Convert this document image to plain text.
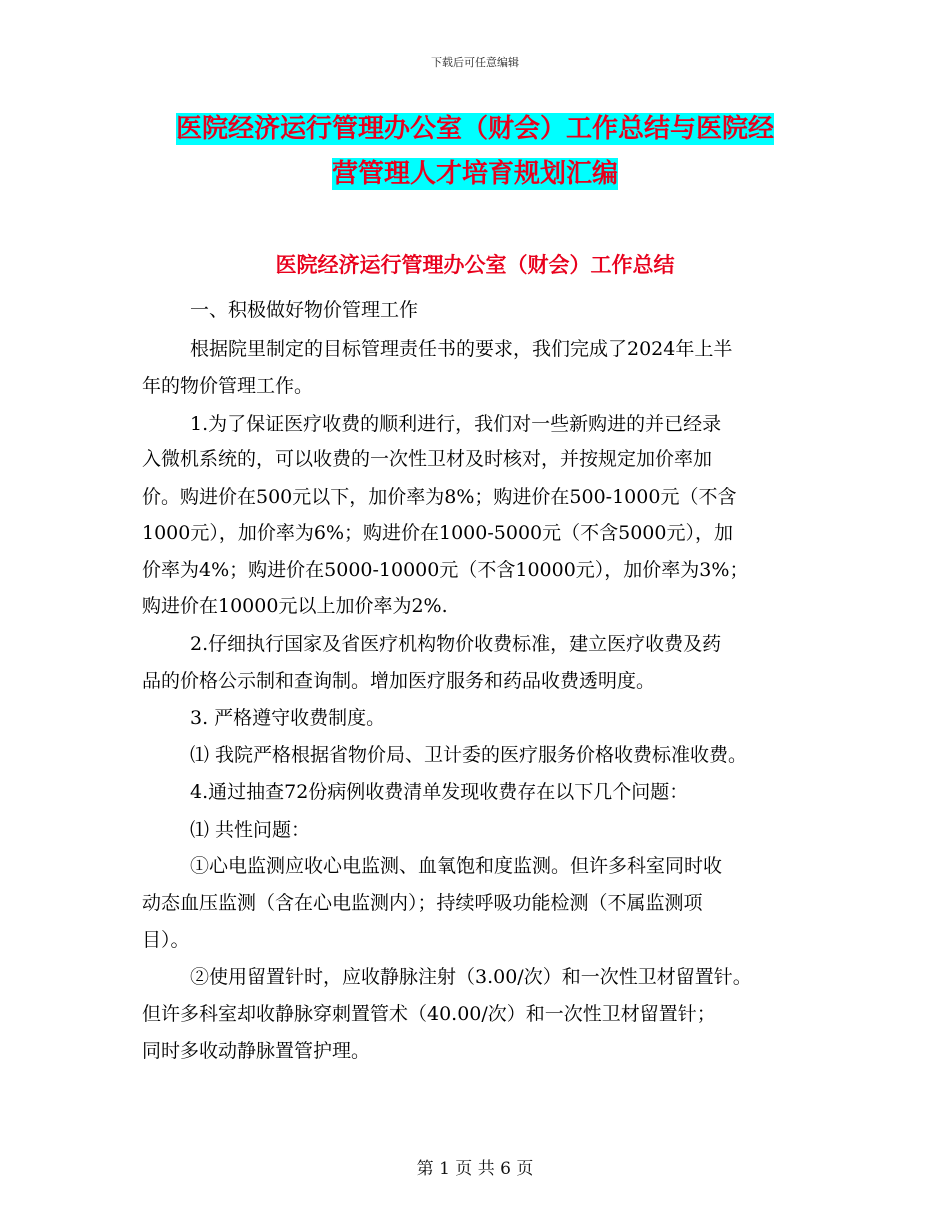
下载后可任意编辑
医院经济运行管理办公室（财会）工作总结与医院经
营管理人才培育规划汇编
医院经济运行管理办公室（财会）工作总结
一、积极做好物价管理工作
根据院里制定的目标管理责任书的要求，我们完成了2024年上半
年的物价管理工作。
1.为了保证医疗收费的顺利进行，我们对一些新购进的并已经录
入微机系统的，可以收费的一次性卫材及时核对，并按规定加价率加
价。购进价在500元以下，加价率为8%；购进价在500-1000元（不含
1000元），加价率为6%；购进价在1000-5000元（不含5000元），加
价率为4%；购进价在5000-10000元（不含10000元），加价率为3%；
购进价在10000元以上加价率为2%.
2.仔细执行国家及省医疗机构物价收费标准，建立医疗收费及药
品的价格公示制和查询制。增加医疗服务和药品收费透明度。
3. 严格遵守收费制度。
⑴ 我院严格根据省物价局、卫计委的医疗服务价格收费标准收费。
4.通过抽查72份病例收费清单发现收费存在以下几个问题：
⑴ 共性问题：
①心电监测应收心电监测、血氧饱和度监测。但许多科室同时收
动态血压监测（含在心电监测内）；持续呼吸功能检测（不属监测项
目）。
②使用留置针时，应收静脉注射（3.00/次）和一次性卫材留置针。
但许多科室却收静脉穿刺置管术（40.00/次）和一次性卫材留置针；
同时多收动静脉置管护理。
第 1 页 共 6 页
